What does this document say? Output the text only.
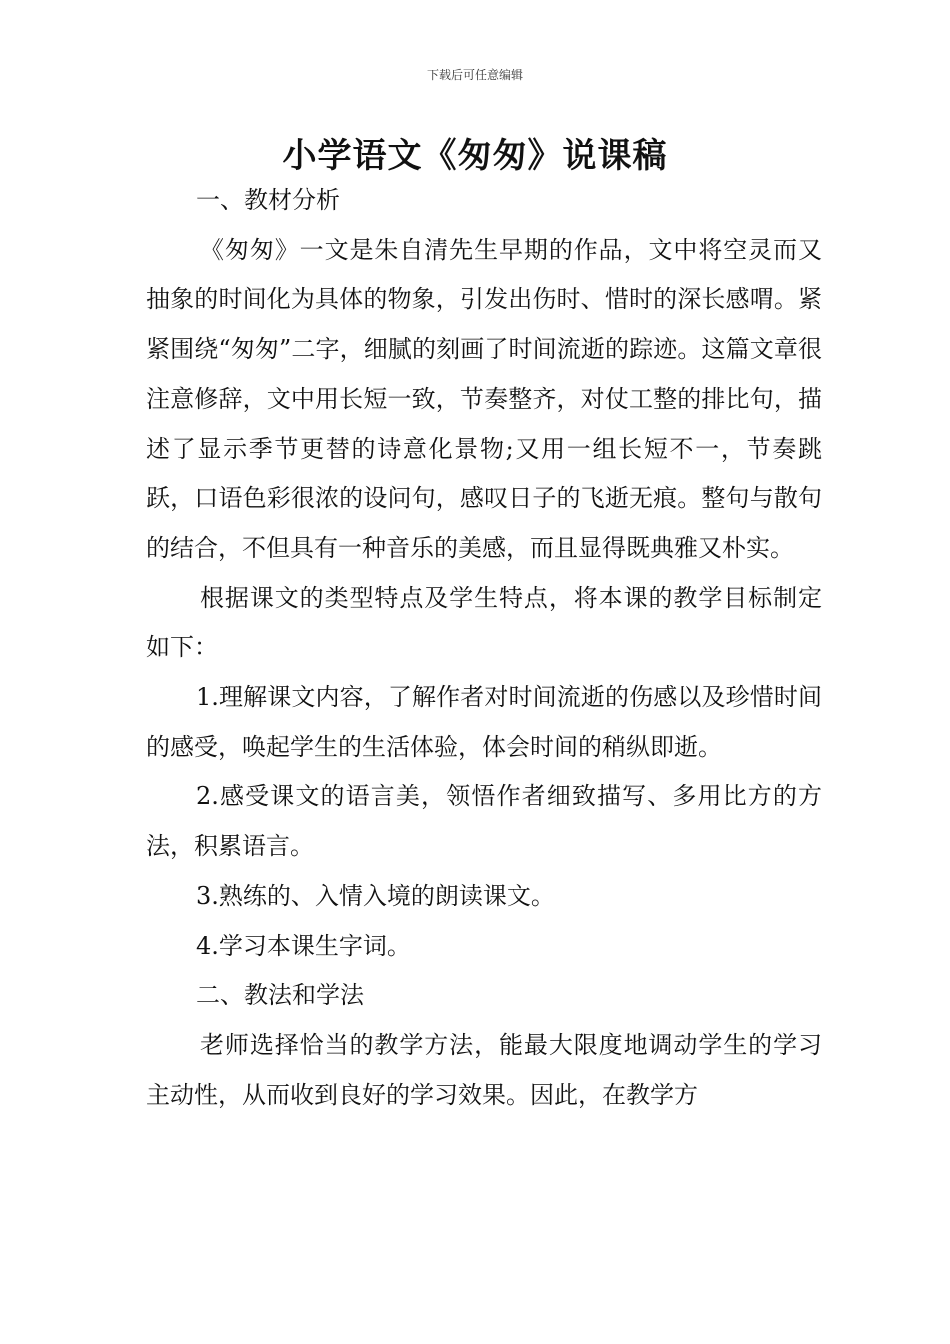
下载后可任意编辑
小学语文《匆匆》说课稿

一、教材分析

《匆匆》一文是朱自清先生早期的作品，文中将空灵而又抽象的时间化为具体的物象，引发出伤时、惜时的深长感喟。紧紧围绕“匆匆”二字，细腻的刻画了时间流逝的踪迹。这篇文章很注意修辞，文中用长短一致，节奏整齐，对仗工整的排比句，描述了显示季节更替的诗意化景物;又用一组长短不一，节奏跳跃，口语色彩很浓的设问句，感叹日子的飞逝无痕。整句与散句的结合，不但具有一种音乐的美感，而且显得既典雅又朴实。

根据课文的类型特点及学生特点，将本课的教学目标制定如下：

1.理解课文内容，了解作者对时间流逝的伤感以及珍惜时间的感受，唤起学生的生活体验，体会时间的稍纵即逝。

2.感受课文的语言美，领悟作者细致描写、多用比方的方法，积累语言。

3.熟练的、入情入境的朗读课文。

4.学习本课生字词。

二、教法和学法

老师选择恰当的教学方法，能最大限度地调动学生的学习主动性，从而收到良好的学习效果。因此，在教学方
